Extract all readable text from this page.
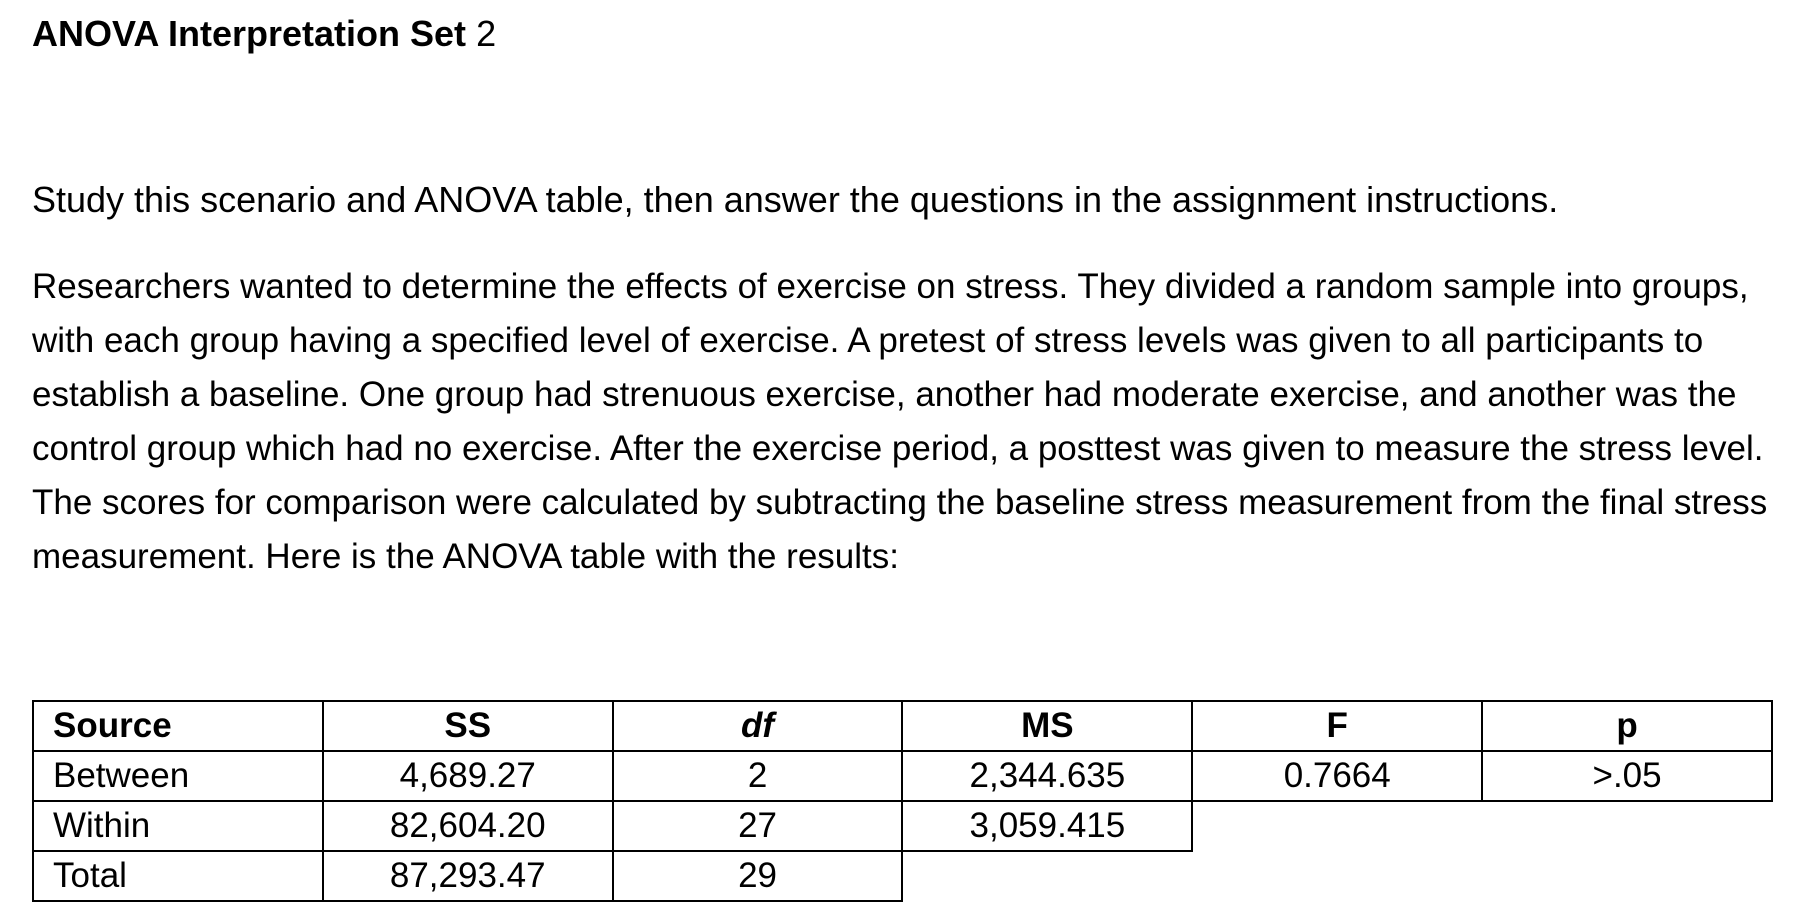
ANOVA Interpretation Set 2

Study this scenario and ANOVA table, then answer the questions in the assignment instructions.

Researchers wanted to determine the effects of exercise on stress. They divided a random sample into groups, with each group having a specified level of exercise. A pretest of stress levels was given to all participants to establish a baseline. One group had strenuous exercise, another had moderate exercise, and another was the control group which had no exercise. After the exercise period, a posttest was given to measure the stress level. The scores for comparison were calculated by subtracting the baseline stress measurement from the final stress measurement. Here is the ANOVA table with the results:

Source	SS	df	MS	F	p
Between	4,689.27	2	2,344.635	0.7664	>.05
Within	82,604.20	27	3,059.415		
Total	87,293.47	29			
